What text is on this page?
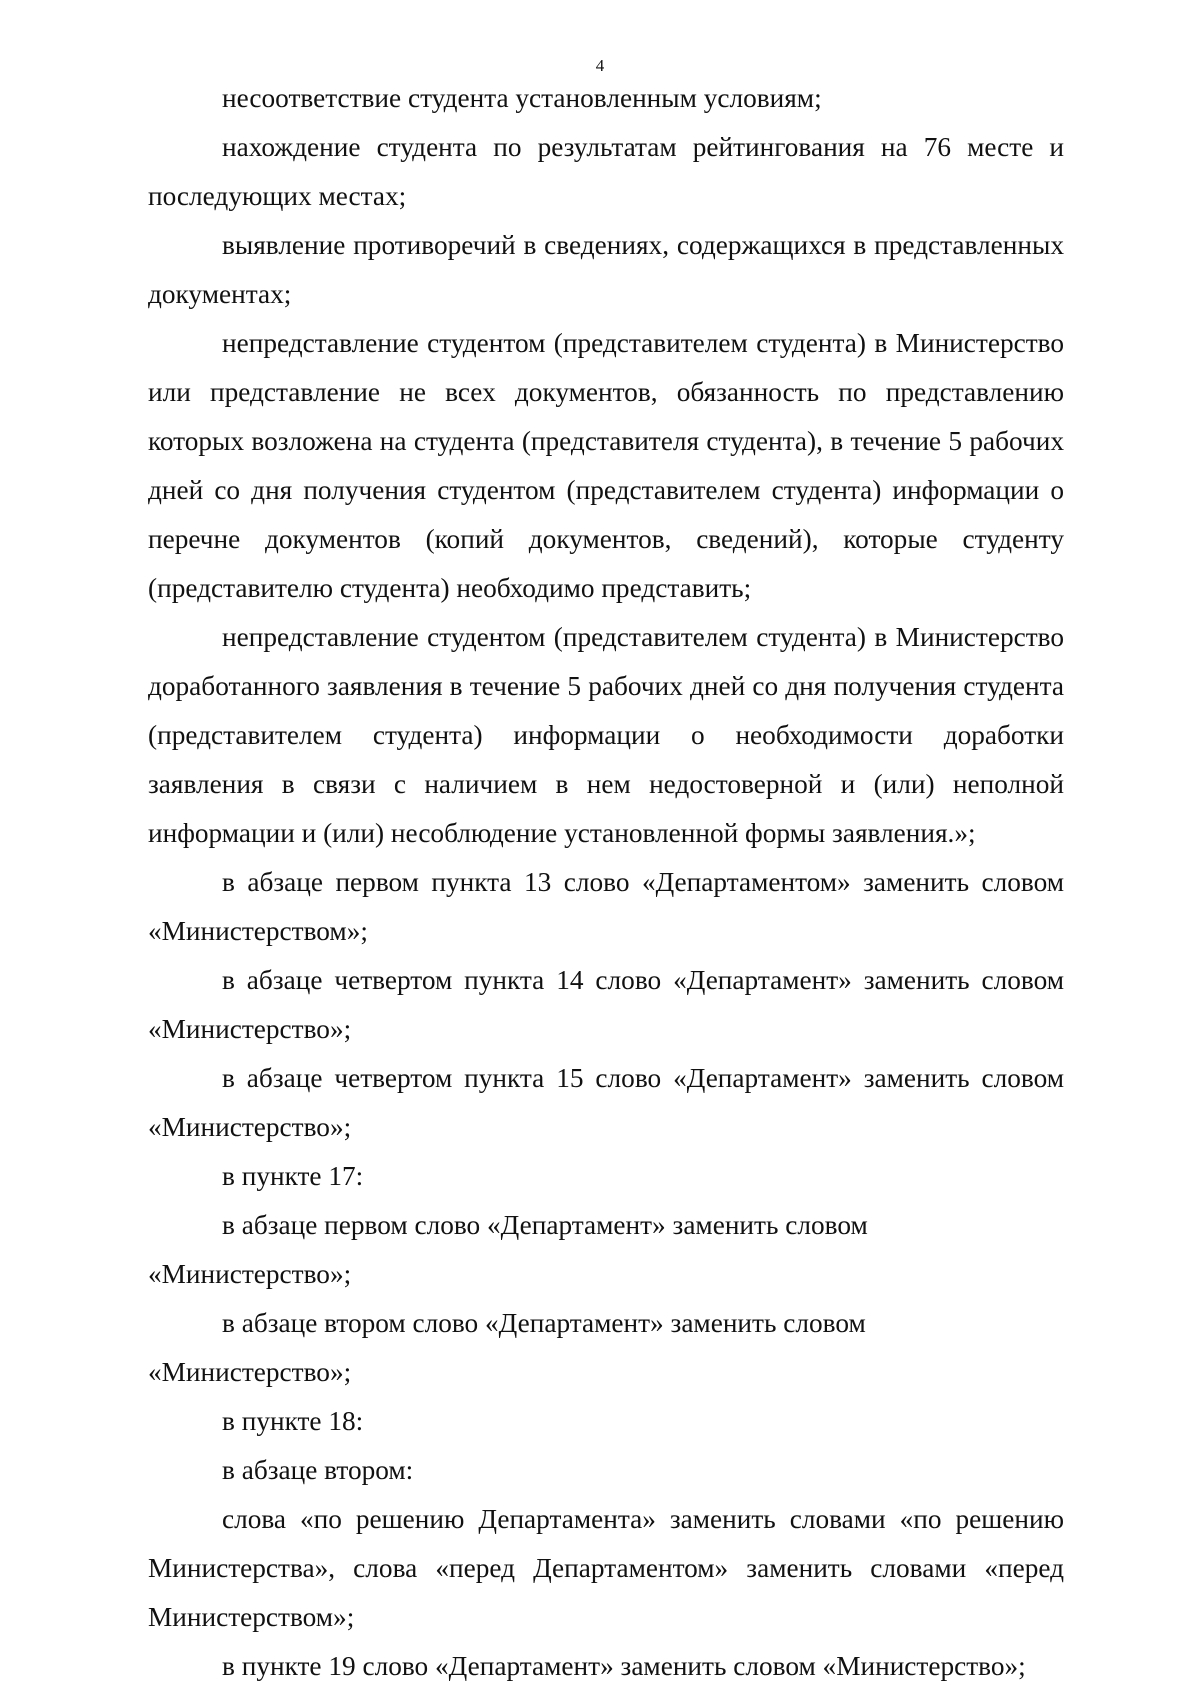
4

несоответствие студента установленным условиям;

нахождение студента по результатам рейтингования на 76 месте и последующих местах;

выявление противоречий в сведениях, содержащихся в представленных документах;

непредставление студентом (представителем студента) в Министерство или представление не всех документов, обязанность по представлению которых возложена на студента (представителя студента), в течение 5 рабочих дней со дня получения студентом (представителем студента) информации о перечне документов (копий документов, сведений), которые студенту (представителю студента) необходимо представить;

непредставление студентом (представителем студента) в Министерство доработанного заявления в течение 5 рабочих дней со дня получения студента (представителем студента) информации о необходимости доработки заявления в связи с наличием в нем недостоверной и (или) неполной информации и (или) несоблюдение установленной формы заявления.»;

в абзаце первом пункта 13 слово «Департаментом» заменить словом «Министерством»;

в абзаце четвертом пункта 14 слово «Департамент» заменить словом «Министерство»;

в абзаце четвертом пункта 15 слово «Департамент» заменить словом «Министерство»;

в пункте 17:

в абзаце первом слово «Департамент» заменить словом «Министерство»;

в абзаце втором слово «Департамент» заменить словом «Министерство»;

в пункте 18:

в абзаце втором:

слова «по решению Департамента» заменить словами «по решению Министерства», слова «перед Департаментом» заменить словами «перед Министерством»;

в пункте 19 слово «Департамент» заменить словом «Министерство»;
